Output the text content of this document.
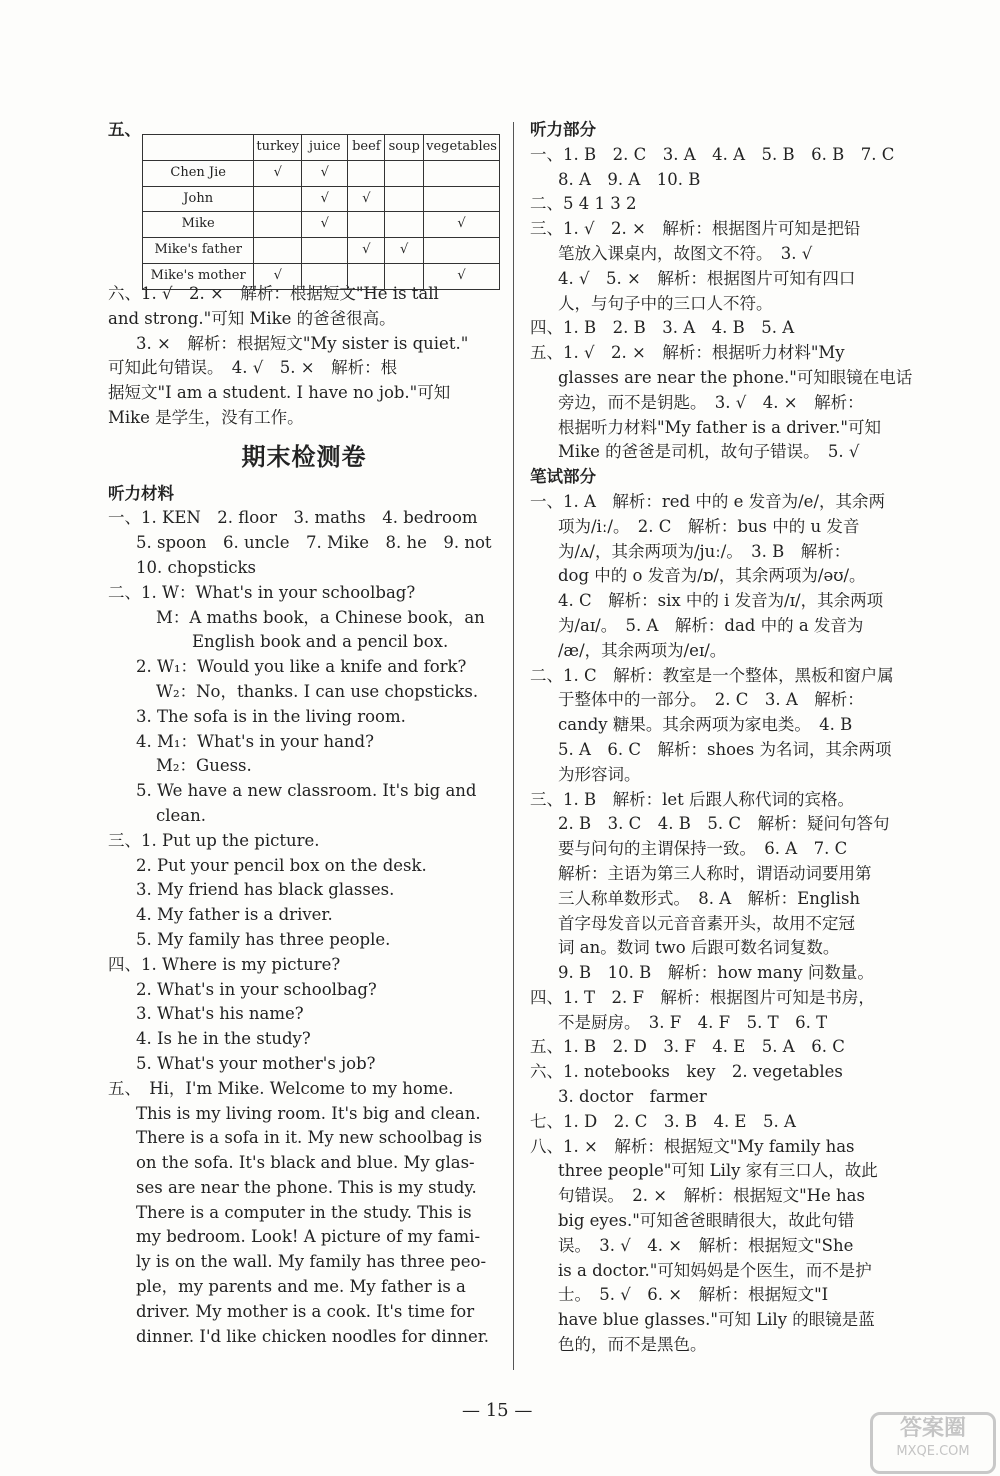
五、
	turkey	juice	beef	soup	vegetables
Chen Jie	√	√			
John		√	√		
Mike		√			√
Mike's father			√	√	
Mike's mother	√				√
六、1. √　2. ×　解析：根据短文"He is tall
and strong."可知 Mike 的爸爸很高。
3. ×　解析：根据短文"My sister is quiet."
可知此句错误。　4. √　5. ×　解析：根
据短文"I am a student. I have no job."可知
Mike 是学生，没有工作。
期末检测卷
听力材料
一、1. KEN　2. floor　3. maths　4. bedroom
5. spoon　6. uncle　7. Mike　8. he　9. not
10. chopsticks
二、1. W：What's in your schoolbag?
M：A maths book，a Chinese book，an
English book and a pencil box.
2. W₁：Would you like a knife and fork?
W₂：No，thanks. I can use chopsticks.
3. The sofa is in the living room.
4. M₁：What's in your hand?
M₂：Guess.
5. We have a new classroom. It's big and
clean.
三、1. Put up the picture.
2. Put your pencil box on the desk.
3. My friend has black glasses.
4. My father is a driver.
5. My family has three people.
四、1. Where is my picture?
2. What's in your schoolbag?
3. What's his name?
4. Is he in the study?
5. What's your mother's job?
五、　Hi，I'm Mike. Welcome to my home.
This is my living room. It's big and clean.
There is a sofa in it. My new schoolbag is
on the sofa. It's black and blue. My glas-
ses are near the phone. This is my study.
There is a computer in the study. This is
my bedroom. Look! A picture of my fami-
ly is on the wall. My family has three peo-
ple，my parents and me. My father is a
driver. My mother is a cook. It's time for
dinner. I'd like chicken noodles for dinner.
听力部分
一、1. B　2. C　3. A　4. A　5. B　6. B　7. C
8. A　9. A　10. B
二、5 4 1 3 2
三、1. √　2. ×　解析：根据图片可知是把铅
笔放入课桌内，故图文不符。　3. √
4. √　5. ×　解析：根据图片可知有四口
人，与句子中的三口人不符。
四、1. B　2. B　3. A　4. B　5. A
五、1. √　2. ×　解析：根据听力材料"My
glasses are near the phone."可知眼镜在电话
旁边，而不是钥匙。　3. √　4. ×　解析：
根据听力材料"My father is a driver."可知
Mike 的爸爸是司机，故句子错误。　5. √
笔试部分
一、1. A　解析：red 中的 e 发音为/e/，其余两
项为/iː/。　2. C　解析：bus 中的 u 发音
为/ʌ/，其余两项为/juː/。　3. B　解析：
dog 中的 o 发音为/ɒ/，其余两项为/əʊ/。
4. C　解析：six 中的 i 发音为/ɪ/，其余两项
为/aɪ/。　5. A　解析：dad 中的 a 发音为
/æ/，其余两项为/eɪ/。
二、1. C　解析：教室是一个整体，黑板和窗户属
于整体中的一部分。　2. C　3. A　解析：
candy 糖果。其余两项为家电类。　4. B
5. A　6. C　解析：shoes 为名词，其余两项
为形容词。
三、1. B　解析：let 后跟人称代词的宾格。
2. B　3. C　4. B　5. C　解析：疑问句答句
要与问句的主谓保持一致。　6. A　7. C
解析：主语为第三人称时，谓语动词要用第
三人称单数形式。　8. A　解析：English
首字母发音以元音音素开头，故用不定冠
词 an。数词 two 后跟可数名词复数。
9. B　10. B　解析：how many 问数量。
四、1. T　2. F　解析：根据图片可知是书房，
不是厨房。　3. F　4. F　5. T　6. T
五、1. B　2. D　3. F　4. E　5. A　6. C
六、1. notebooks　key　2. vegetables
3. doctor　farmer
七、1. D　2. C　3. B　4. E　5. A
八、1. ×　解析：根据短文"My family has
three people"可知 Lily 家有三口人，故此
句错误。　2. ×　解析：根据短文"He has
big eyes."可知爸爸眼睛很大，故此句错
误。　3. √　4. ×　解析：根据短文"She
is a doctor."可知妈妈是个医生，而不是护
士。　5. √　6. ×　解析：根据短文"I
have blue glasses."可知 Lily 的眼镜是蓝
色的，而不是黑色。
— 15 —
答案圈
MXQE.COM
